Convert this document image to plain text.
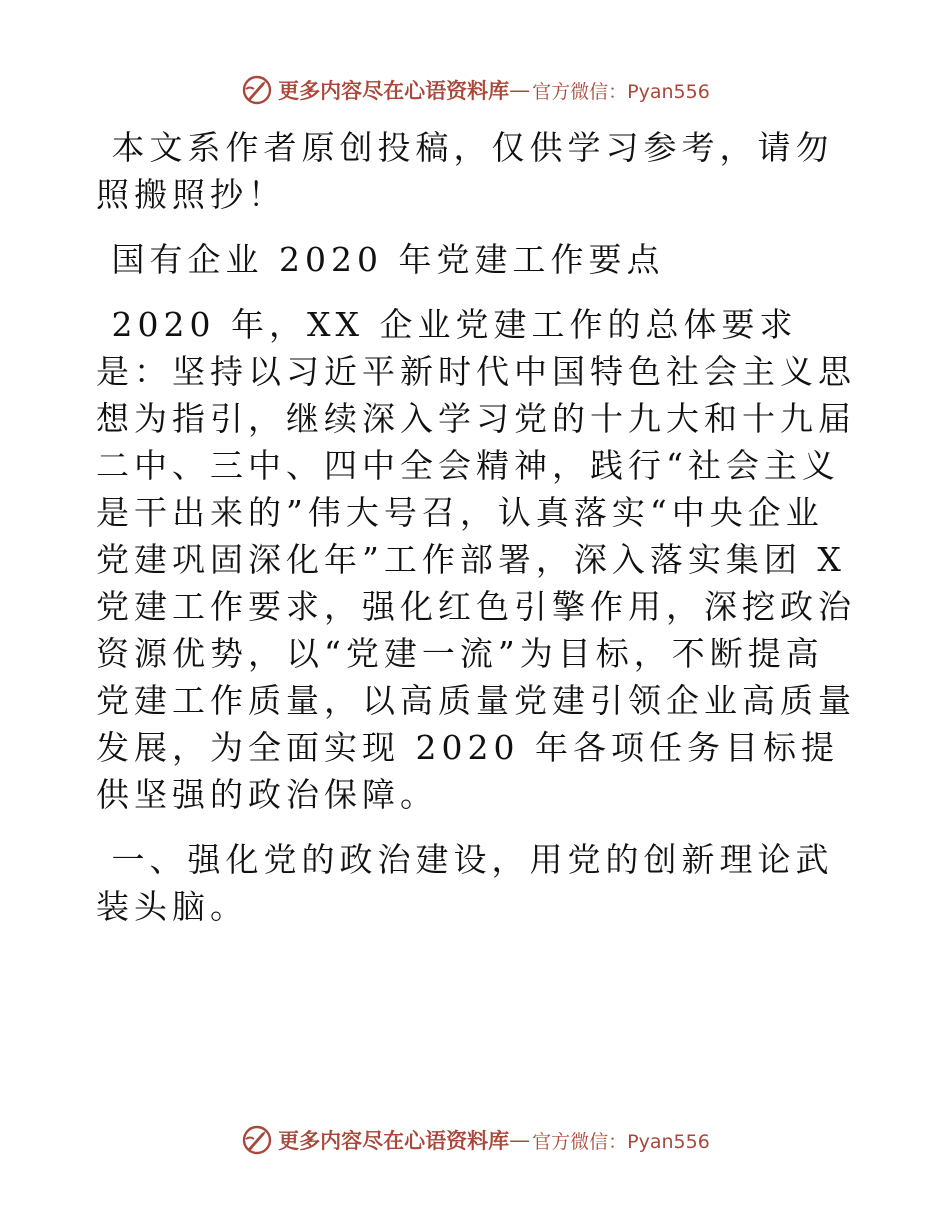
更多内容尽在心语资料库 — 官方微信：Pyan556

本文系作者原创投稿，仅供学习参考，请勿照搬照抄！

国有企业 2020 年党建工作要点

2020 年，XX 企业党建工作的总体要求是：坚持以习近平新时代中国特色社会主义思想为指引，继续深入学习党的十九大和十九届二中、三中、四中全会精神，践行“社会主义是干出来的”伟大号召，认真落实“中央企业党建巩固深化年”工作部署，深入落实集团 X 党建工作要求，强化红色引擎作用，深挖政治资源优势，以“党建一流”为目标，不断提高党建工作质量，以高质量党建引领企业高质量发展，为全面实现 2020 年各项任务目标提供坚强的政治保障。

一、强化党的政治建设，用党的创新理论武装头脑。

更多内容尽在心语资料库 — 官方微信：Pyan556
